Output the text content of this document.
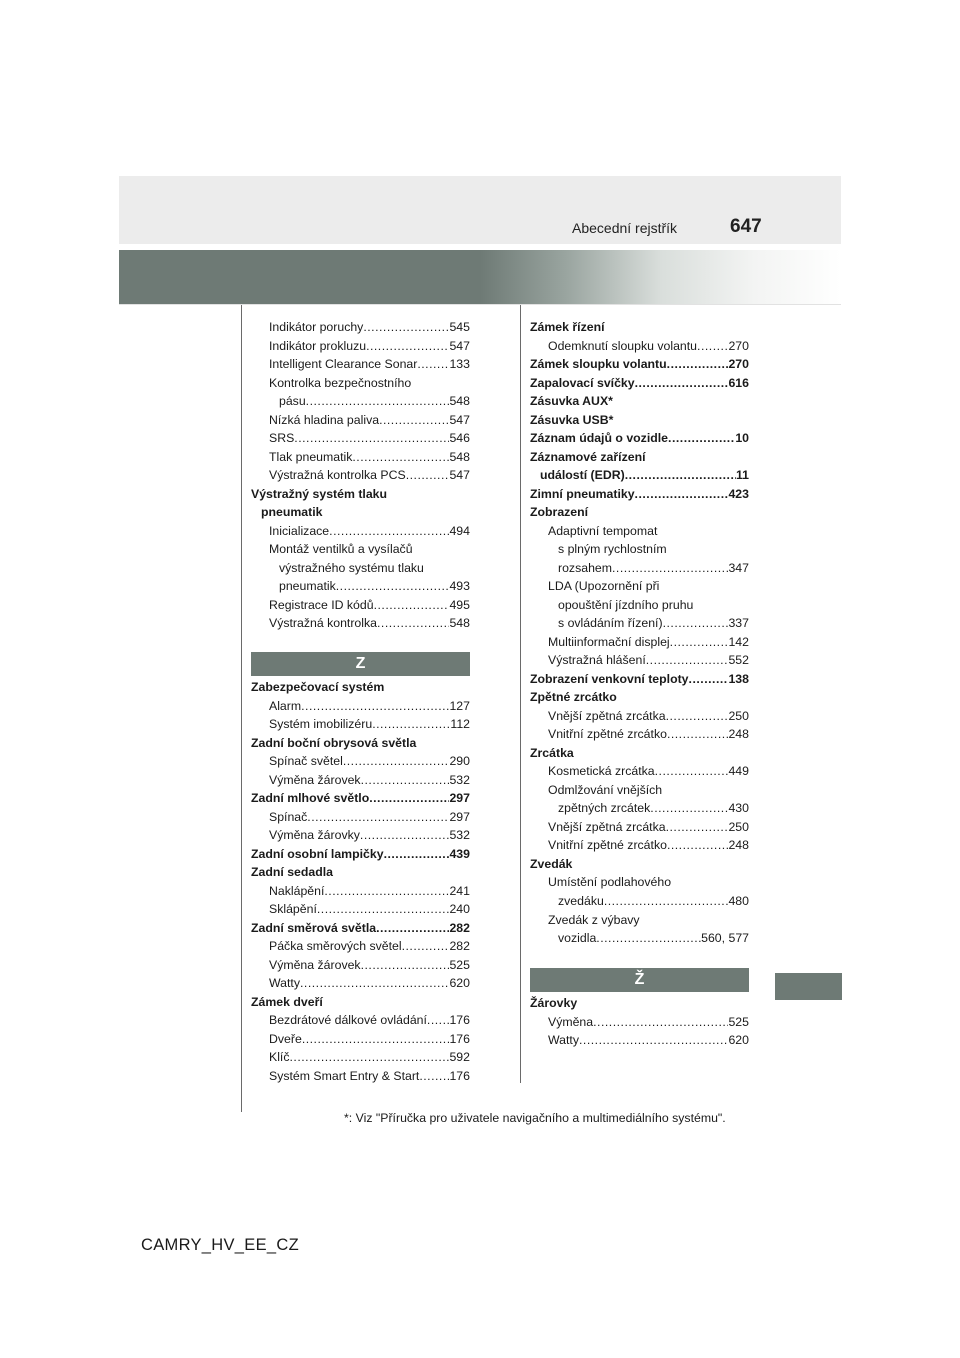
Abecední rejstřík	647
Indikátor poruchy .....	545
Indikátor prokluzu .....	547
Intelligent Clearance Sonar .....	133
Kontrolka bezpečnostního
pásu .....	548
Nízká hladina paliva .....	547
SRS .....	546
Tlak pneumatik .....	548
Výstražná kontrolka PCS .....	547
Výstražný systém tlaku
pneumatik
Inicializace .....	494
Montáž ventilků a vysílačů
výstražného systému tlaku
pneumatik .....	493
Registrace ID kódů .....	495
Výstražná kontrolka .....	548
Z
Zabezpečovací systém
Alarm .....	127
Systém imobilizéru .....	112
Zadní boční obrysová světla
Spínač světel .....	290
Výměna žárovek .....	532
Zadní mlhové světlo .....	297
Spínač .....	297
Výměna žárovky .....	532
Zadní osobní lampičky .....	439
Zadní sedadla
Naklápění .....	241
Sklápění .....	240
Zadní směrová světla .....	282
Páčka směrových světel .....	282
Výměna žárovek .....	525
Watty .....	620
Zámek dveří
Bezdrátové dálkové ovládání ..... 176
Dveře .....	176
Klíč .....	592
Systém Smart Entry & Start ..... 176
Zámek řízení
Odemknutí sloupku volantu .....	270
Zámek sloupku volantu .....	270
Zapalovací svíčky .....	616
Zásuvka AUX*
Zásuvka USB*
Záznam údajů o vozidle .....	10
Záznamové zařízení
událostí (EDR) .....	11
Zimní pneumatiky .....	423
Zobrazení
Adaptivní tempomat
s plným rychlostním
rozsahem .....	347
LDA (Upozornění při
opouštění jízdního pruhu
s ovládáním řízení) .....	337
Multiinformační displej .....	142
Výstražná hlášení .....	552
Zobrazení venkovní teploty .....	138
Zpětné zrcátko
Vnější zpětná zrcátka .....	250
Vnitřní zpětné zrcátko .....	248
Zrcátka
Kosmetická zrcátka .....	449
Odmlžování vnějších
zpětných zrcátek .....	430
Vnější zpětná zrcátka .....	250
Vnitřní zpětné zrcátko .....	248
Zvedák
Umístění podlahového
zvedáku .....	480
Zvedák z výbavy
vozidla .....	560, 577
Ž
Žárovky
Výměna .....	525
Watty .....	620
*: Viz "Příručka pro uživatele navigačního a multimediálního systému".
CAMRY_HV_EE_CZ
